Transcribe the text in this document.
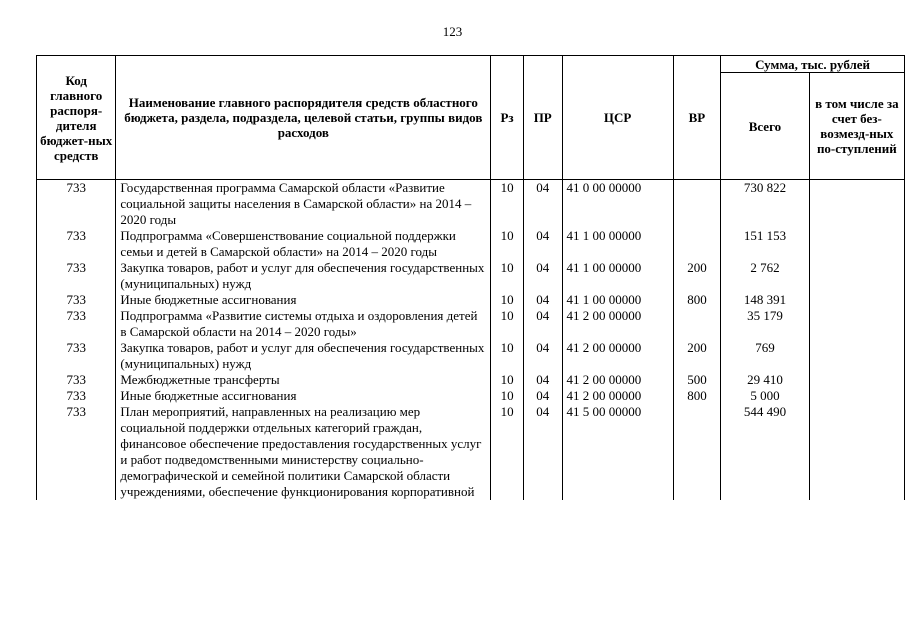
123
Код главного распоря-дителя бюджет-ных средств	Наименование главного распорядителя средств областного бюджета, раздела, подраздела, целевой статьи, группы видов расходов	Рз	ПР	ЦСР	ВР	Сумма, тыс. рублей	
						Всего	в том числе за счет без-возмезд-ных по-ступлений
733	Государственная программа Самарской области «Развитие социальной защиты населения в Самарской области» на 2014 – 2020 годы	10	04	41 0 00 00000		730 822	
733	Подпрограмма «Совершенствование социальной поддержки семьи и детей в Самарской области» на 2014 – 2020 годы	10	04	41 1 00 00000		151 153	
733	Закупка товаров, работ и услуг для обеспечения государственных (муниципальных) нужд	10	04	41 1 00 00000	200	2 762	
733	Иные бюджетные ассигнования	10	04	41 1 00 00000	800	148 391	
733	Подпрограмма «Развитие системы отдыха и оздоровления детей в Самарской области на 2014 – 2020 годы»	10	04	41 2 00 00000		35 179	
733	Закупка товаров, работ и услуг для обеспечения государственных (муниципальных) нужд	10	04	41 2 00 00000	200	769	
733	Межбюджетные трансферты	10	04	41 2 00 00000	500	29 410	
733	Иные бюджетные ассигнования	10	04	41 2 00 00000	800	5 000	
733	План мероприятий, направленных на реализацию мер социальной поддержки отдельных категорий граждан, финансовое обеспечение предоставления государственных услуг и работ подведомственными министерству социально-демографической и семейной политики Самарской области учреждениями, обеспечение функционирования корпоративной	10	04	41 5 00 00000		544 490	
